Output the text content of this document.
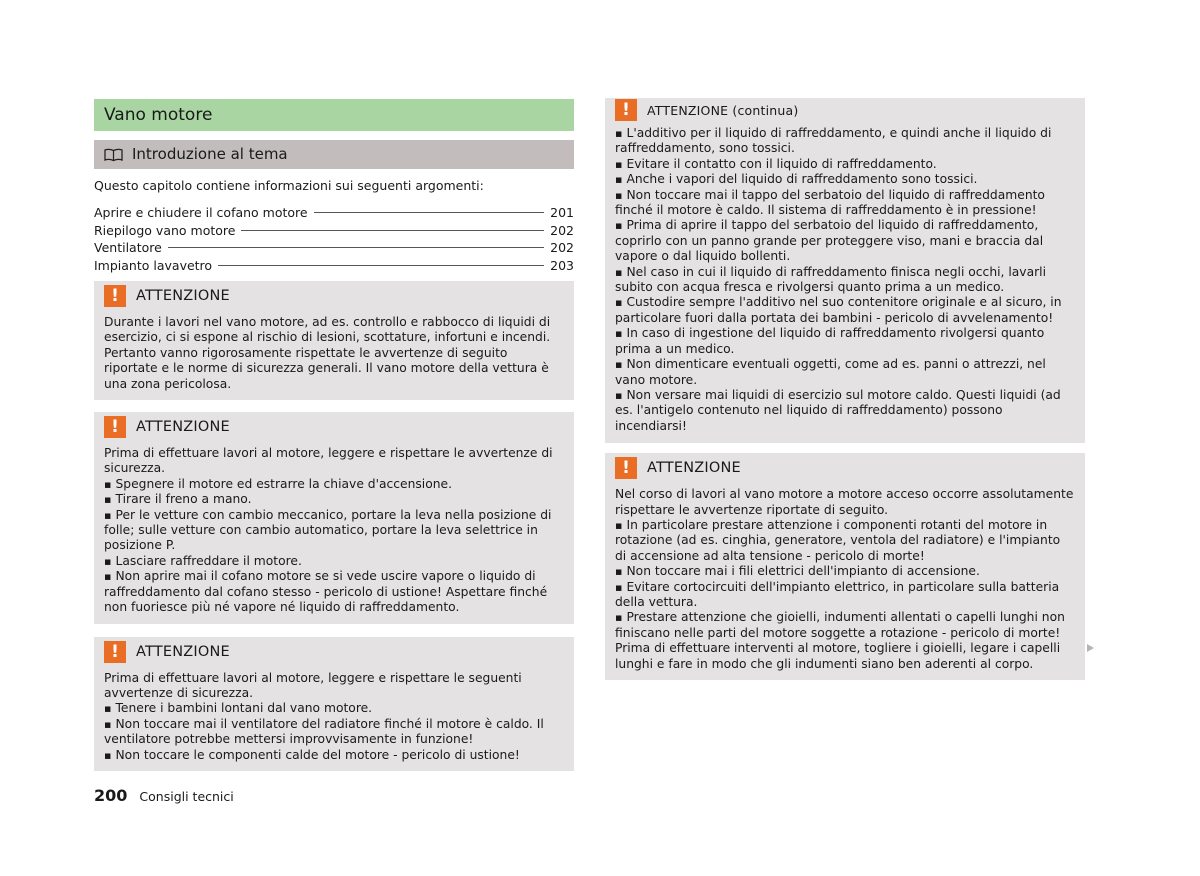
Vano motore
Introduzione al tema
Questo capitolo contiene informazioni sui seguenti argomenti:
Aprire e chiudere il cofano motore	201
Riepilogo vano motore	202
Ventilatore	202
Impianto lavavetro	203
!	ATTENZIONE

Durante i lavori nel vano motore, ad es. controllo e rabbocco di liquidi di esercizio, ci si espone al rischio di lesioni, scottature, infortuni e incendi. Pertanto vanno rigorosamente rispettate le avvertenze di seguito riportate e le norme di sicurezza generali. Il vano motore della vettura è una zona pericolosa.

!	ATTENZIONE

Prima di effettuare lavori al motore, leggere e rispettare le avvertenze di sicurezza.

▪ Spegnere il motore ed estrarre la chiave d'accensione.
▪ Tirare il freno a mano.
▪ Per le vetture con cambio meccanico, portare la leva nella posizione di folle; sulle vetture con cambio automatico, portare la leva selettrice in posizione P.
▪ Lasciare raffreddare il motore.
▪ Non aprire mai il cofano motore se si vede uscire vapore o liquido di raffreddamento dal cofano stesso - pericolo di ustione! Aspettare finché non fuoriesce più né vapore né liquido di raffreddamento.
!	ATTENZIONE

Prima di effettuare lavori al motore, leggere e rispettare le seguenti avvertenze di sicurezza.

▪ Tenere i bambini lontani dal vano motore.
▪ Non toccare mai il ventilatore del radiatore finché il motore è caldo. Il ventilatore potrebbe mettersi improvvisamente in funzione!
▪ Non toccare le componenti calde del motore - pericolo di ustione!
!	ATTENZIONE (continua)
▪ L'additivo per il liquido di raffreddamento, e quindi anche il liquido di raffreddamento, sono tossici.
▪ Evitare il contatto con il liquido di raffreddamento.
▪ Anche i vapori del liquido di raffreddamento sono tossici.
▪ Non toccare mai il tappo del serbatoio del liquido di raffreddamento finché il motore è caldo. Il sistema di raffreddamento è in pressione!
▪ Prima di aprire il tappo del serbatoio del liquido di raffreddamento, coprirlo con un panno grande per proteggere viso, mani e braccia dal vapore o dal liquido bollenti.
▪ Nel caso in cui il liquido di raffreddamento finisca negli occhi, lavarli subito con acqua fresca e rivolgersi quanto prima a un medico.
▪ Custodire sempre l'additivo nel suo contenitore originale e al sicuro, in particolare fuori dalla portata dei bambini - pericolo di avvelenamento!
▪ In caso di ingestione del liquido di raffreddamento rivolgersi quanto prima a un medico.
▪ Non dimenticare eventuali oggetti, come ad es. panni o attrezzi, nel vano motore.
▪ Non versare mai liquidi di esercizio sul motore caldo. Questi liquidi (ad es. l'antigelo contenuto nel liquido di raffreddamento) possono incendiarsi!
!	ATTENZIONE

Nel corso di lavori al vano motore a motore acceso occorre assolutamente rispettare le avvertenze riportate di seguito.

▪ In particolare prestare attenzione i componenti rotanti del motore in rotazione (ad es. cinghia, generatore, ventola del radiatore) e l'impianto di accensione ad alta tensione - pericolo di morte!
▪ Non toccare mai i fili elettrici dell'impianto di accensione.
▪ Evitare cortocircuiti dell'impianto elettrico, in particolare sulla batteria della vettura.
▪ Prestare attenzione che gioielli, indumenti allentati o capelli lunghi non finiscano nelle parti del motore soggette a rotazione - pericolo di morte! Prima di effettuare interventi al motore, togliere i gioielli, legare i capelli lunghi e fare in modo che gli indumenti siano ben aderenti al corpo.
200 Consigli tecnici
